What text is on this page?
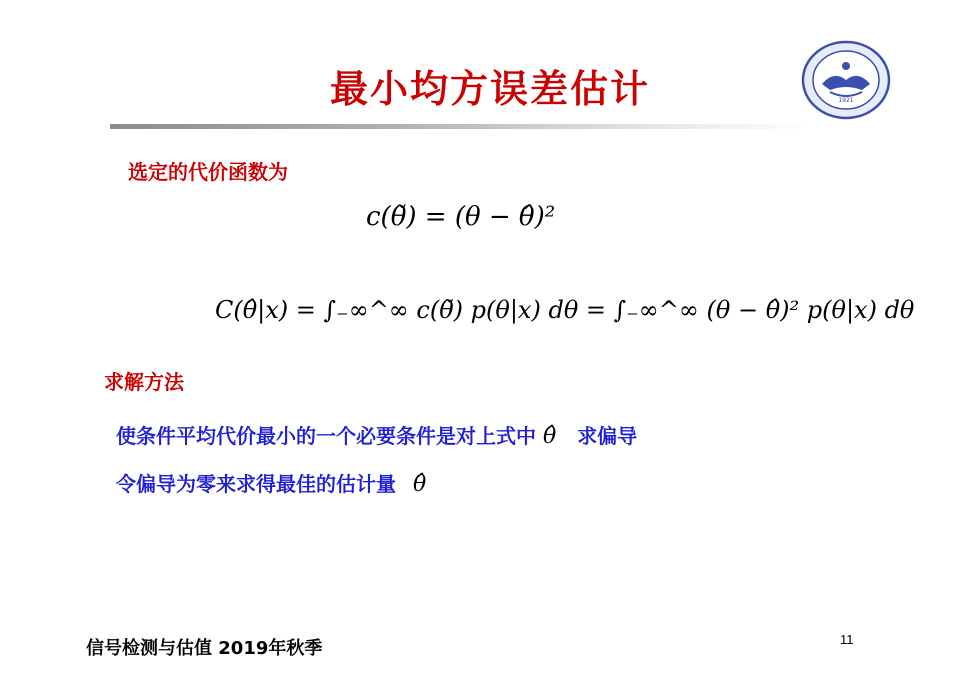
最小均方误差估计	1921
选定的代价函数为
c(θ̃) = (θ − θ̂)²
C(θ̂|x) = ∫₋∞^∞ c(θ̃) p(θ|x) dθ = ∫₋∞^∞ (θ − θ̂)² p(θ|x) dθ
求解方法
使条件平均代价最小的一个必要条件是对上式中 θ̂ 求偏导
令偏导为零来求得最佳的估计量 θ̂
信号检测与估值 2019年秋季	11
